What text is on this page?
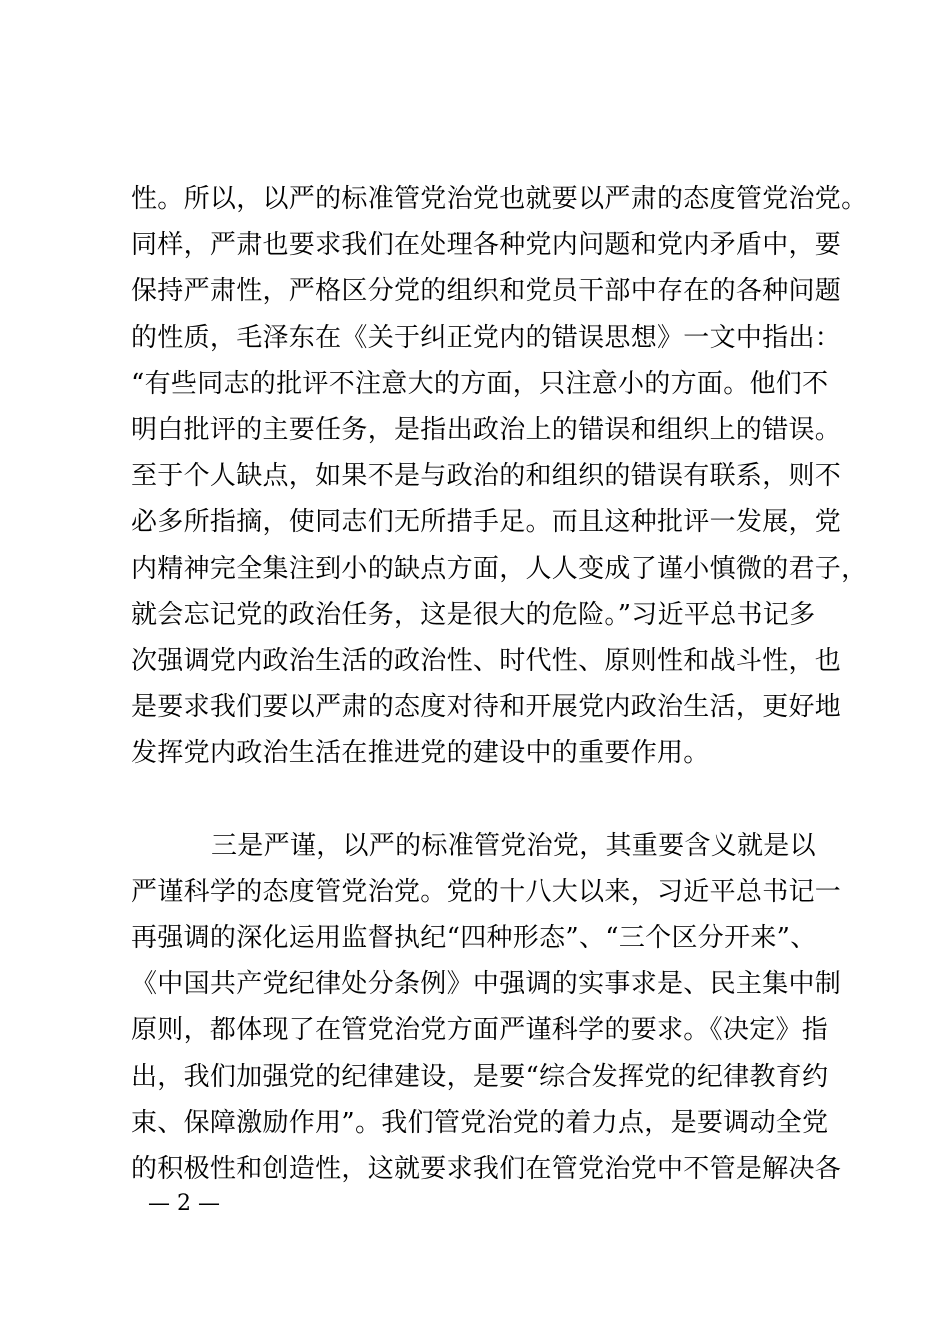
性。所以，以严的标准管党治党也就要以严肃的态度管党治党。
同样，严肃也要求我们在处理各种党内问题和党内矛盾中，要
保持严肃性，严格区分党的组织和党员干部中存在的各种问题
的性质，毛泽东在《关于纠正党内的错误思想》一文中指出：
“有些同志的批评不注意大的方面，只注意小的方面。他们不
明白批评的主要任务，是指出政治上的错误和组织上的错误。
至于个人缺点，如果不是与政治的和组织的错误有联系，则不
必多所指摘，使同志们无所措手足。而且这种批评一发展，党
内精神完全集注到小的缺点方面，人人变成了谨小慎微的君子，
就会忘记党的政治任务，这是很大的危险。”习近平总书记多
次强调党内政治生活的政治性、时代性、原则性和战斗性，也
是要求我们要以严肃的态度对待和开展党内政治生活，更好地
发挥党内政治生活在推进党的建设中的重要作用。
三是严谨，以严的标准管党治党，其重要含义就是以
严谨科学的态度管党治党。党的十八大以来，习近平总书记一
再强调的深化运用监督执纪“四种形态”、“三个区分开来”、
《中国共产党纪律处分条例》中强调的实事求是、民主集中制
原则，都体现了在管党治党方面严谨科学的要求。《决定》指
出，我们加强党的纪律建设，是要“综合发挥党的纪律教育约
束、保障激励作用”。我们管党治党的着力点，是要调动全党
的积极性和创造性，这就要求我们在管党治党中不管是解决各
— 2 —
